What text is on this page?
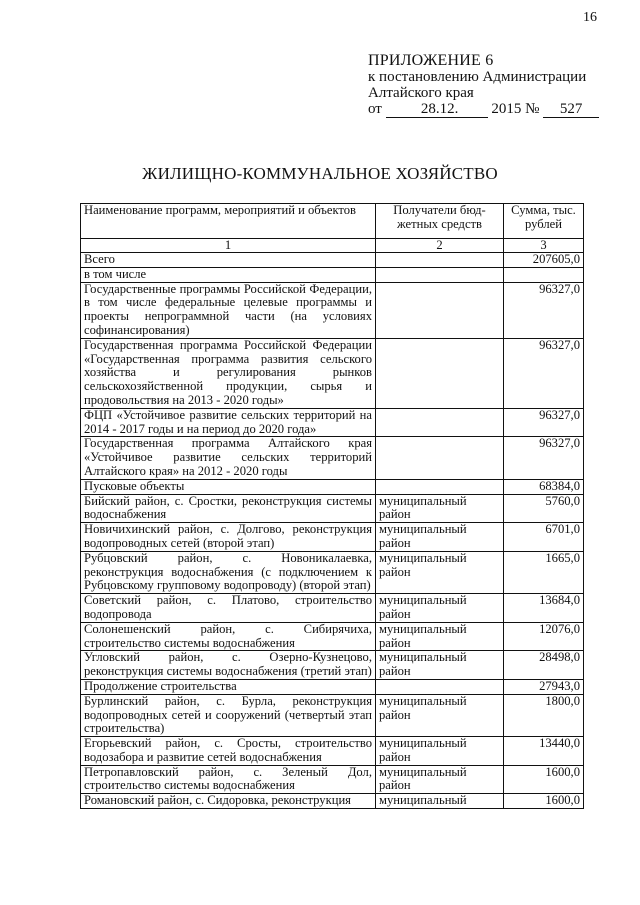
16
ПРИЛОЖЕНИЕ 6
к постановлению Администрации
Алтайского края
от	28.12. 2015 № 527
ЖИЛИЩНО-КОММУНАЛЬНОЕ ХОЗЯЙСТВО
Наименование программ, мероприятий и объектов	Получатели бюд-жетных средств	Сумма, тыс. рублей
1	2	3
Всего		207605,0
в том числе		
Государственные программы Российской Федерации, в том числе федеральные целевые программы и проекты непрограммной части (на условиях софинансирования)		96327,0
Государственная программа Российской Федерации «Государственная программа развития сельского хозяйства и регулирования рынков сельскохозяйственной продукции, сырья и продовольствия на 2013 - 2020 годы»		96327,0
ФЦП «Устойчивое развитие сельских территорий на 2014 - 2017 годы и на период до 2020 года»		96327,0
Государственная программа Алтайского края «Устойчивое развитие сельских территорий Алтайского края» на 2012 - 2020 годы		96327,0
Пусковые объекты		68384,0
Бийский район, с. Сростки, реконструкция системы водоснабжения	муниципальный район	5760,0
Новичихинский район, с. Долгово, реконструкция водопроводных сетей (второй этап)	муниципальный район	6701,0
Рубцовский район, с. Новоникалаевка, реконструкция водоснабжения (с подключением к Рубцовскому групповому водопроводу) (второй этап)	муниципальный район	1665,0
Советский район, с. Платово, строительство водопровода	муниципальный район	13684,0
Солонешенский район, с. Сибирячиха, строительство системы водоснабжения	муниципальный район	12076,0
Угловский район, с. Озерно-Кузнецово, реконструкция системы водоснабжения (третий этап)	муниципальный район	28498,0
Продолжение строительства		27943,0
Бурлинский район, с. Бурла, реконструкция водопроводных сетей и сооружений (четвертый этап строительства)	муниципальный район	1800,0
Егорьевский район, с. Сросты, строительство водозабора и развитие сетей водоснабжения	муниципальный район	13440,0
Петропавловский район, с. Зеленый Дол, строительство системы водоснабжения	муниципальный район	1600,0
Романовский район, с. Сидоровка, реконструкция	муниципальный	1600,0
